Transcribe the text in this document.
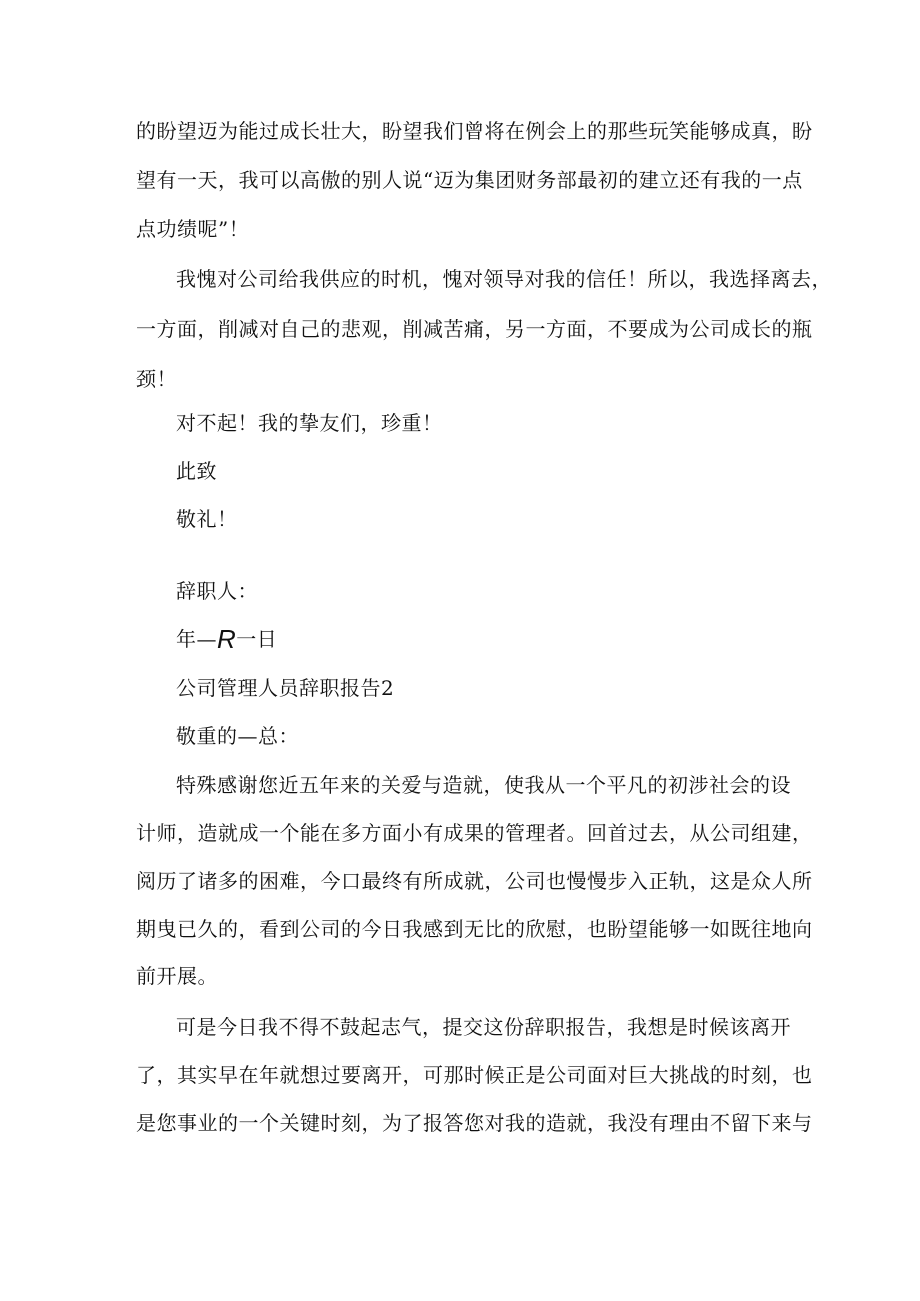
的盼望迈为能过成长壮大，盼望我们曾将在例会上的那些玩笑能够成真，盼
望有一天，我可以高傲的别人说“迈为集团财务部最初的建立还有我的一点
点功绩呢”！
我愧对公司给我供应的时机，愧对领导对我的信任！所以，我选择离去，
一方面，削减对自己的悲观，削减苦痛，另一方面，不要成为公司成长的瓶
颈！
对不起！我的挚友们，珍重！
此致
敬礼！
辞职人：
年—R一日
公司管理人员辞职报告2
敬重的—总：
特殊感谢您近五年来的关爱与造就，使我从一个平凡的初涉社会的设
计师，造就成一个能在多方面小有成果的管理者。回首过去，从公司组建，
阅历了诸多的困难，今口最终有所成就，公司也慢慢步入正轨，这是众人所
期曳已久的，看到公司的今日我感到无比的欣慰，也盼望能够一如既往地向
前开展。
可是今日我不得不鼓起志气，提交这份辞职报告，我想是时候该离开
了，其实早在年就想过要离开，可那时候正是公司面对巨大挑战的时刻，也
是您事业的一个关键时刻，为了报答您对我的造就，我没有理由不留下来与
